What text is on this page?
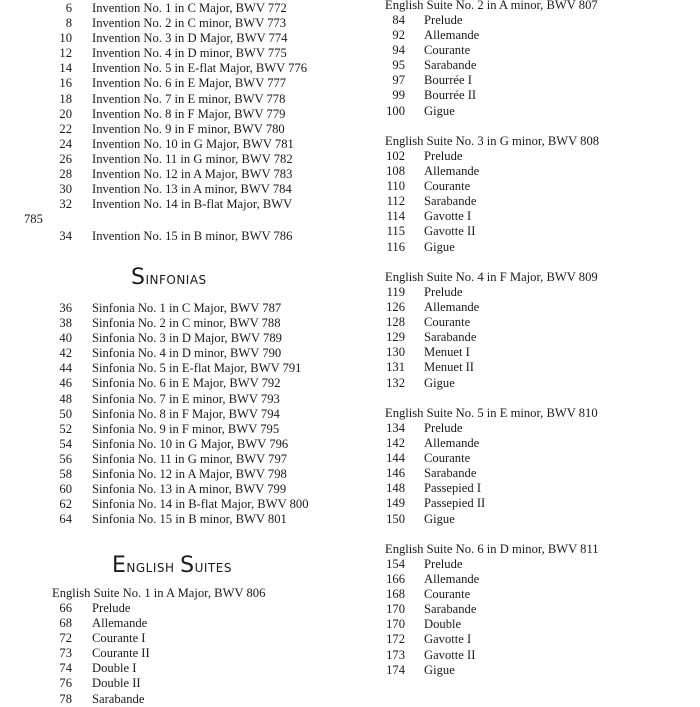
6 Invention No. 1 in C Major, BWV 772
8 Invention No. 2 in C minor, BWV 773
10 Invention No. 3 in D Major, BWV 774
12 Invention No. 4 in D minor, BWV 775
14 Invention No. 5 in E-flat Major, BWV 776
16 Invention No. 6 in E Major, BWV 777
18 Invention No. 7 in E minor, BWV 778
20 Invention No. 8 in F Major, BWV 779
22 Invention No. 9 in F minor, BWV 780
24 Invention No. 10 in G Major, BWV 781
26 Invention No. 11 in G minor, BWV 782
28 Invention No. 12 in A Major, BWV 783
30 Invention No. 13 in A minor, BWV 784
32 Invention No. 14 in B-flat Major, BWV
785
34 Invention No. 15 in B minor, BWV 786
Sinfonias
36 Sinfonia No. 1 in C Major, BWV 787
38 Sinfonia No. 2 in C minor, BWV 788
40 Sinfonia No. 3 in D Major, BWV 789
42 Sinfonia No. 4 in D minor, BWV 790
44 Sinfonia No. 5 in E-flat Major, BWV 791
46 Sinfonia No. 6 in E Major, BWV 792
48 Sinfonia No. 7 in E minor, BWV 793
50 Sinfonia No. 8 in F Major, BWV 794
52 Sinfonia No. 9 in F minor, BWV 795
54 Sinfonia No. 10 in G Major, BWV 796
56 Sinfonia No. 11 in G minor, BWV 797
58 Sinfonia No. 12 in A Major, BWV 798
60 Sinfonia No. 13 in A minor, BWV 799
62 Sinfonia No. 14 in B-flat Major, BWV 800
64 Sinfonia No. 15 in B minor, BWV 801
English Suites
English Suite No. 1 in A Major, BWV 806
66 Prelude
68 Allemande
72 Courante I
73 Courante II
74 Double I
76 Double II
78 Sarabande
English Suite No. 2 in A minor, BWV 807
84 Prelude
92 Allemande
94 Courante
95 Sarabande
97 Bourrée I
99 Bourrée II
100 Gigue
English Suite No. 3 in G minor, BWV 808
102 Prelude
108 Allemande
110 Courante
112 Sarabande
114 Gavotte I
115 Gavotte II
116 Gigue
English Suite No. 4 in F Major, BWV 809
119 Prelude
126 Allemande
128 Courante
129 Sarabande
130 Menuet I
131 Menuet II
132 Gigue
English Suite No. 5 in E minor, BWV 810
134 Prelude
142 Allemande
144 Courante
146 Sarabande
148 Passepied I
149 Passepied II
150 Gigue
English Suite No. 6 in D minor, BWV 811
154 Prelude
166 Allemande
168 Courante
170 Sarabande
170 Double
172 Gavotte I
173 Gavotte II
174 Gigue
